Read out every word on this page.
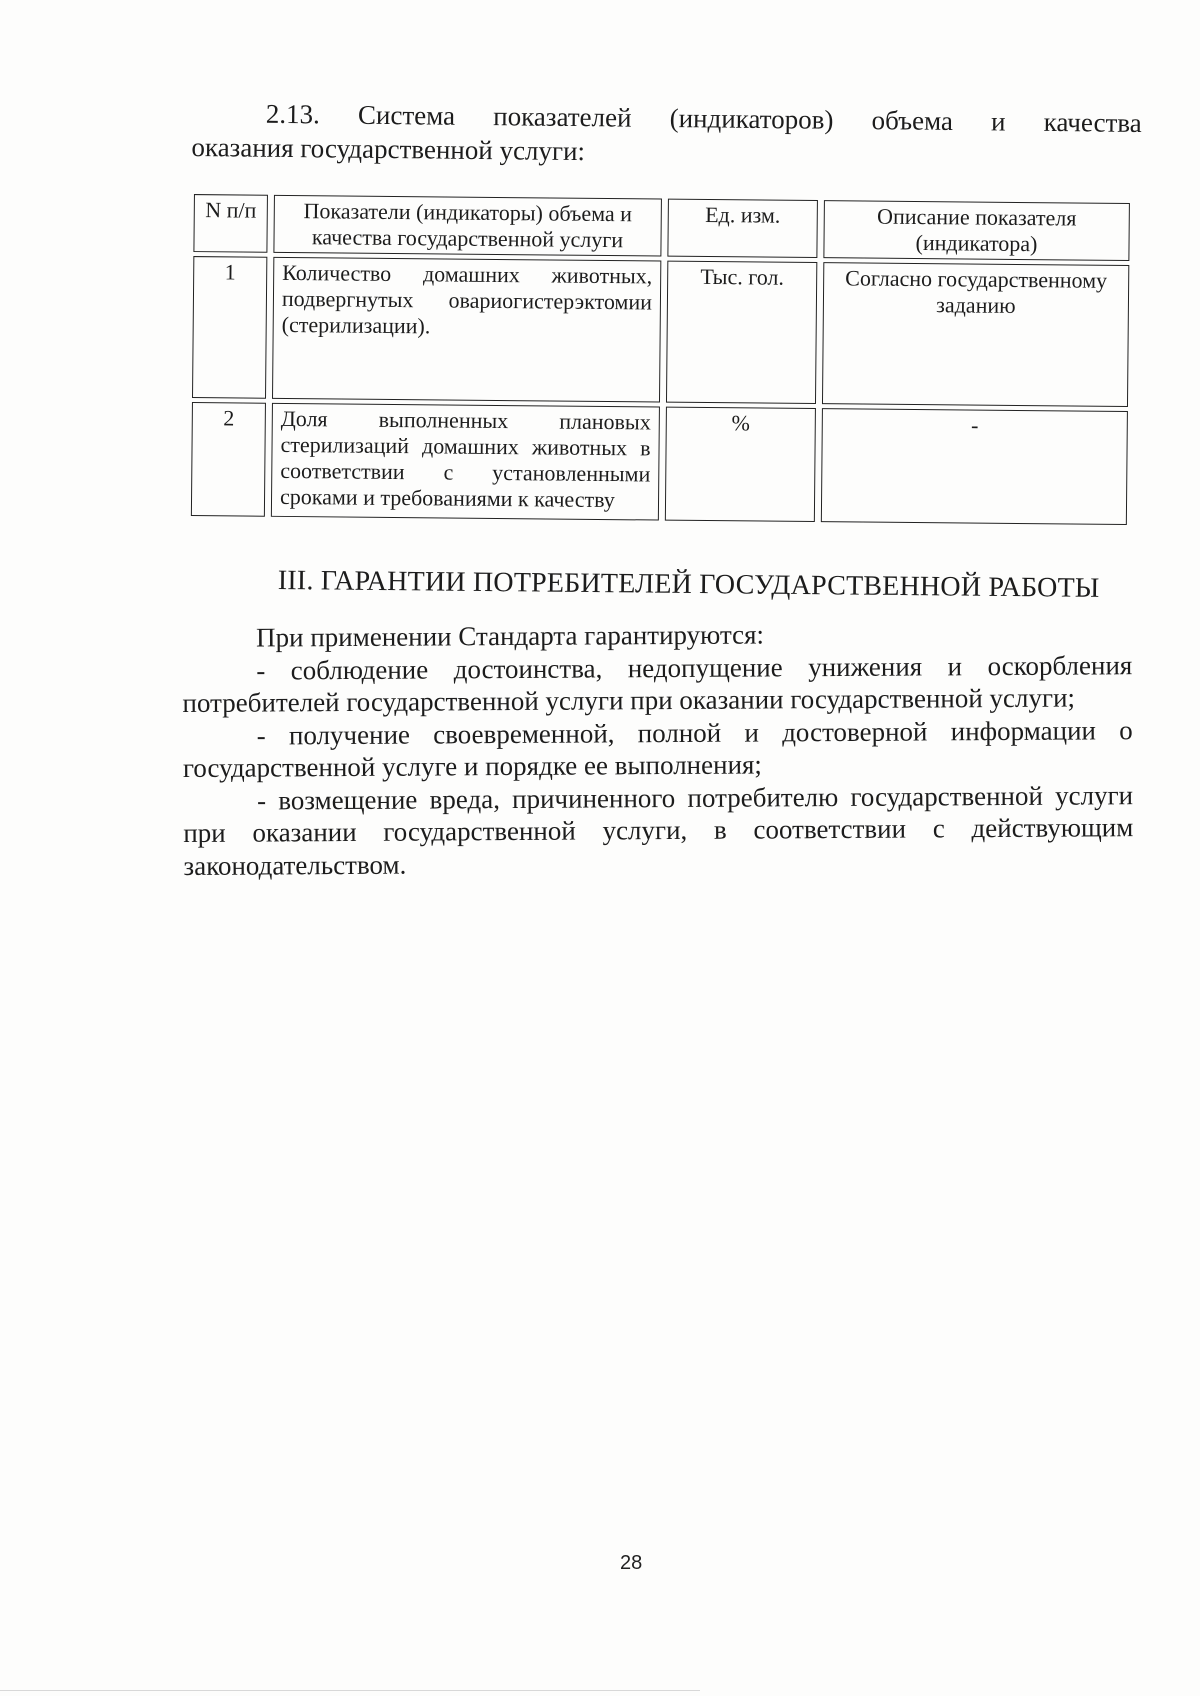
2.13. Система показателей (индикаторов) объема и качества
оказания государственной услуги:
N п/п	Показатели (индикаторы) объема и качества государственной услуги	Ед. изм.	Описание показателя (индикатора)
1	Количество домашних животных, подвергнутых овариогистерэктомии (стерилизации).	Тыс. гол.	Согласно государственному заданию
2	Доля выполненных плановых стерилизаций домашних животных в соответствии с установленными сроками и требованиями к качеству	%	-
III. ГАРАНТИИ ПОТРЕБИТЕЛЕЙ ГОСУДАРСТВЕННОЙ РАБОТЫ

При применении Стандарта гарантируются:

- соблюдение достоинства, недопущение унижения и оскорбления потребителей государственной услуги при оказании государственной услуги;

- получение своевременной, полной и достоверной информации о государственной услуге и порядке ее выполнения;

- возмещение вреда, причиненного потребителю государственной услуги при оказании государственной услуги, в соответствии с действующим законодательством.

28
